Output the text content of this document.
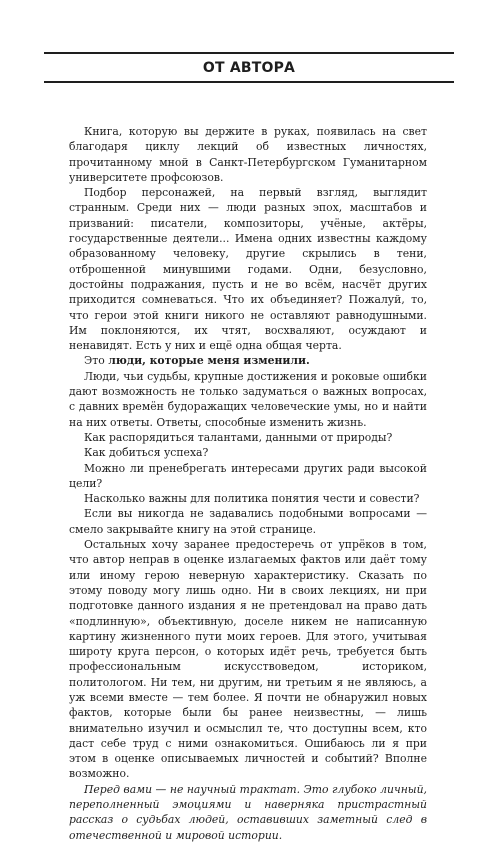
ОТ АВТОРА

Книга, которую вы держите в руках, появилась на свет благодаря циклу лекций об известных личностях, прочитанному мной в Санкт-Петербургском Гуманитарном университете профсоюзов.

Подбор персонажей, на первый взгляд, выглядит странным. Среди них — люди разных эпох, масштабов и призваний: писатели, композиторы, учёные, актёры, государственные деятели... Имена одних известны каждому образованному человеку, другие скрылись в тени, отброшенной минувшими годами. Одни, безусловно, достойны подражания, пусть и не во всём, насчёт других приходится сомневаться. Что их объединяет? Пожалуй, то, что герои этой книги никого не оставляют равнодушными. Им поклоняются, их чтят, восхваляют, осуждают и ненавидят. Есть у них и ещё одна общая черта.

Это люди, которые меня изменили.

Люди, чьи судьбы, крупные достижения и роковые ошибки дают возможность не только задуматься о важных вопросах, с давних времён будоражащих человеческие умы, но и найти на них ответы. Ответы, способные изменить жизнь.

Как распорядиться талантами, данными от природы?

Как добиться успеха?

Можно ли пренебрегать интересами других ради высокой цели?

Насколько важны для политика понятия чести и совести?

Если вы никогда не задавались подобными вопросами — смело закрывайте книгу на этой странице.

Остальных хочу заранее предостеречь от упрёков в том, что автор неправ в оценке излагаемых фактов или даёт тому или иному герою неверную характеристику. Сказать по этому поводу могу лишь одно. Ни в своих лекциях, ни при подготовке данного издания я не претендовал на право дать «подлинную», объективную, доселе никем не написанную картину жизненного пути моих героев. Для этого, учитывая широту круга персон, о которых идёт речь, требуется быть профессиональным искусствоведом, историком, политологом. Ни тем, ни другим, ни третьим я не являюсь, а уж всеми вместе — тем более. Я почти не обнаружил новых фактов, которые были бы ранее неизвестны, — лишь внимательно изучил и осмыслил те, что доступны всем, кто даст себе труд с ними ознакомиться. Ошибаюсь ли я при этом в оценке описываемых личностей и событий? Вполне возможно.

Перед вами — не научный трактат. Это глубоко личный, переполненный эмоциями и наверняка пристрастный рассказ о судьбах людей, оставивших заметный след в отечественной и мировой истории.
